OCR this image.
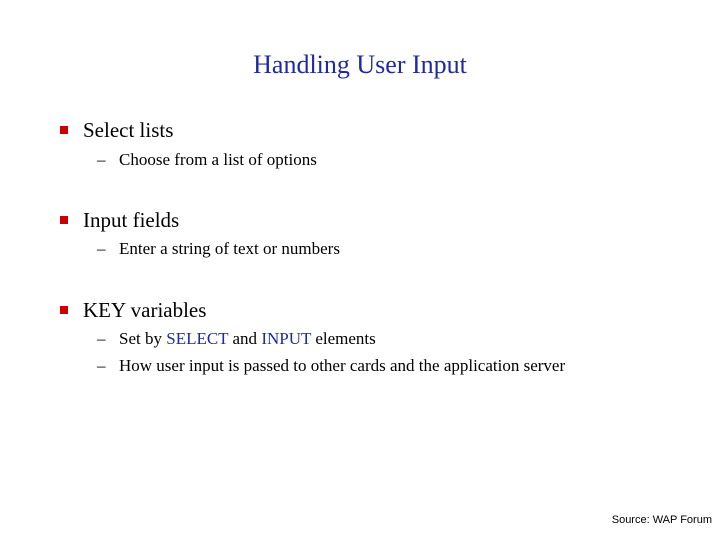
Handling User Input
Select lists
– Choose from a list of options
Input fields
– Enter a string of text or numbers
KEY variables
– Set by SELECT and INPUT elements
– How user input is passed to other cards and the application server
Source: WAP Forum
